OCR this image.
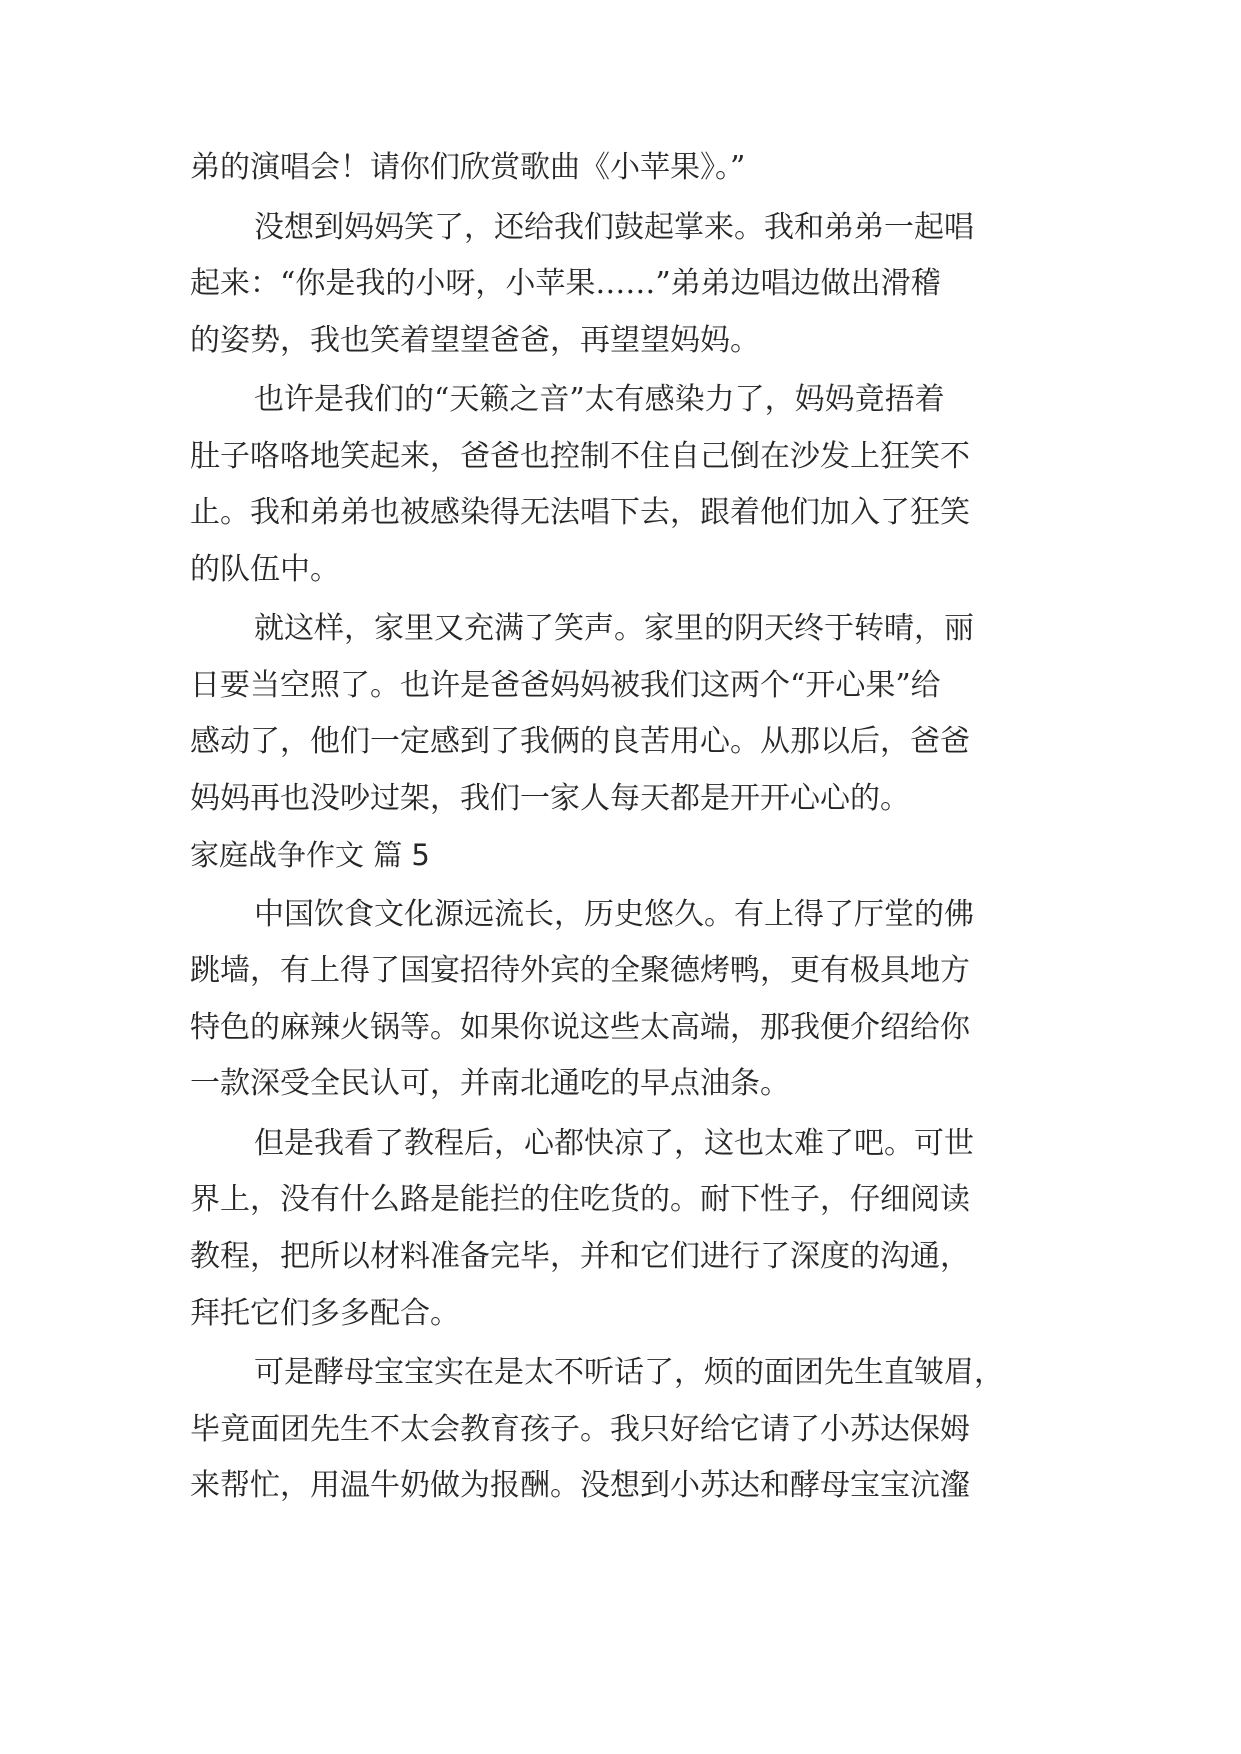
弟的演唱会！请你们欣赏歌曲《小苹果》。”

没想到妈妈笑了，还给我们鼓起掌来。我和弟弟一起唱

起来：“你是我的小呀，小苹果……”弟弟边唱边做出滑稽

的姿势，我也笑着望望爸爸，再望望妈妈。

也许是我们的“天籁之音”太有感染力了，妈妈竟捂着

肚子咯咯地笑起来，爸爸也控制不住自己倒在沙发上狂笑不

止。我和弟弟也被感染得无法唱下去，跟着他们加入了狂笑

的队伍中。

就这样，家里又充满了笑声。家里的阴天终于转晴，丽

日要当空照了。也许是爸爸妈妈被我们这两个“开心果”给

感动了，他们一定感到了我俩的良苦用心。从那以后，爸爸

妈妈再也没吵过架，我们一家人每天都是开开心心的。

家庭战争作文 篇 5

中国饮食文化源远流长，历史悠久。有上得了厅堂的佛

跳墙，有上得了国宴招待外宾的全聚德烤鸭，更有极具地方

特色的麻辣火锅等。如果你说这些太高端，那我便介绍给你

一款深受全民认可，并南北通吃的早点油条。

但是我看了教程后，心都快凉了，这也太难了吧。可世

界上，没有什么路是能拦的住吃货的。耐下性子，仔细阅读

教程，把所以材料准备完毕，并和它们进行了深度的沟通，

拜托它们多多配合。

可是酵母宝宝实在是太不听话了，烦的面团先生直皱眉，

毕竟面团先生不太会教育孩子。我只好给它请了小苏达保姆

来帮忙，用温牛奶做为报酬。没想到小苏达和酵母宝宝沆瀣
